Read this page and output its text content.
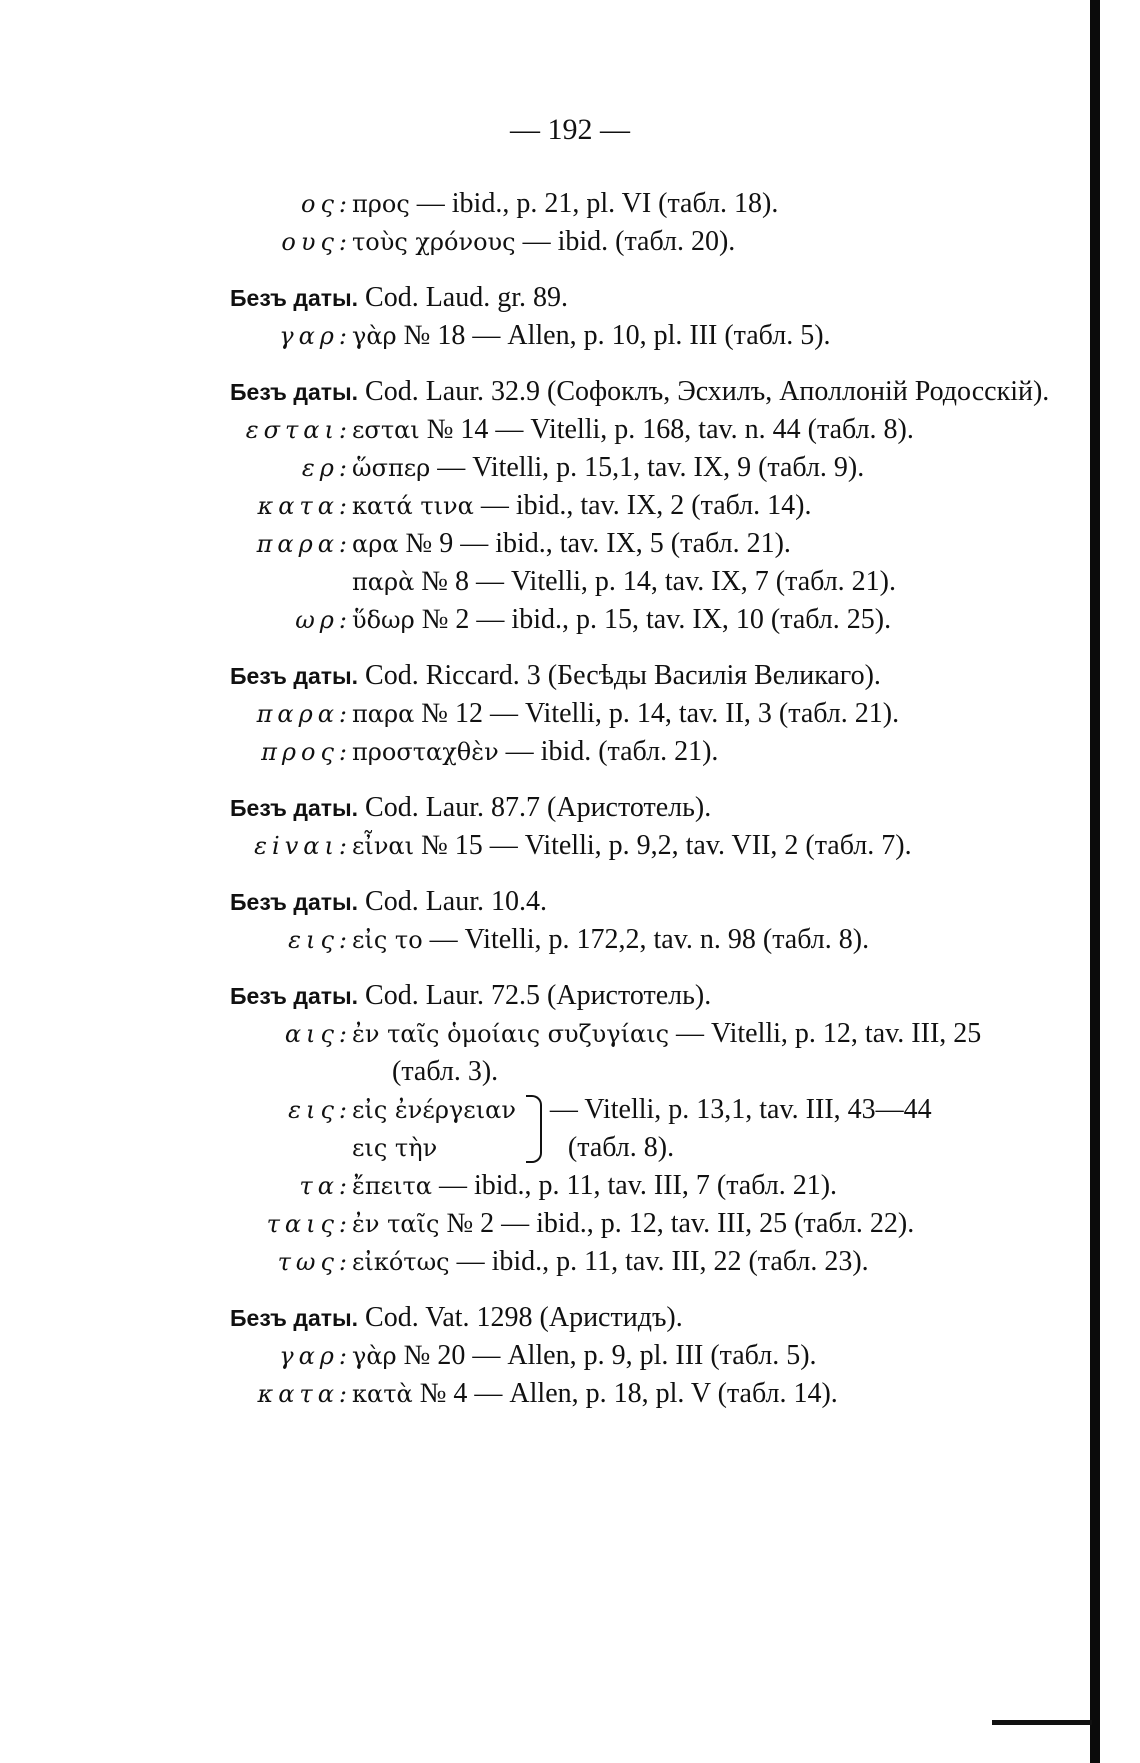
— 192 —
ος: προς — ibid., p. 21, pl. VI (табл. 18).
ους: τοὺς χρόνους — ibid. (табл. 20).
Безъ даты. Cod. Laud. gr. 89.
γαρ: γὰρ № 18 — Allen, p. 10, pl. III (табл. 5).
Безъ даты. Cod. Laur. 32.9 (Софоклъ, Эсхилъ, Аполлоній Родосскій).
εσται: εσται № 14 — Vitelli, p. 168, tav. n. 44 (табл. 8).
ερ: ὥσπερ — Vitelli, p. 15,1, tav. IX, 9 (табл. 9).
κατα: κατά τινα — ibid., tav. IX, 2 (табл. 14).
παρα: αρα № 9 — ibid., tav. IX, 5 (табл. 21).
παρὰ № 8 — Vitelli, p. 14, tav. IX, 7 (табл. 21).
ωρ: ὕδωρ № 2 — ibid., p. 15, tav. IX, 10 (табл. 25).
Безъ даты. Cod. Riccard. 3 (Бесѣды Василія Великаго).
παρα: παρα № 12 — Vitelli, p. 14, tav. II, 3 (табл. 21).
προς: προσταχθὲν — ibid. (табл. 21).
Безъ даты. Cod. Laur. 87.7 (Аристотель).
εivαι: εἶναι № 15 — Vitelli, p. 9,2, tav. VII, 2 (табл. 7).
Безъ даты. Cod. Laur. 10.4.
εις: εἰς το — Vitelli, p. 172,2, tav. n. 98 (табл. 8).
Безъ даты. Cod. Laur. 72.5 (Аристотель).
αις: ἐν ταῖς ὁμοίαις συζυγίαις — Vitelli, p. 12, tav. III, 25
(табл. 3).
εις: εἰς ἐνέργειαν
εις τὴν
— Vitelli, p. 13,1, tav. III, 43—44
(табл. 8).
τα: ἔπειτα — ibid., p. 11, tav. III, 7 (табл. 21).
ταις: ἐν ταῖς № 2 — ibid., p. 12, tav. III, 25 (табл. 22).
τως: εἰκότως — ibid., p. 11, tav. III, 22 (табл. 23).
Безъ даты. Cod. Vat. 1298 (Аристидъ).
γαρ: γὰρ № 20 — Allen, p. 9, pl. III (табл. 5).
κατα: κατὰ № 4 — Allen, p. 18, pl. V (табл. 14).
